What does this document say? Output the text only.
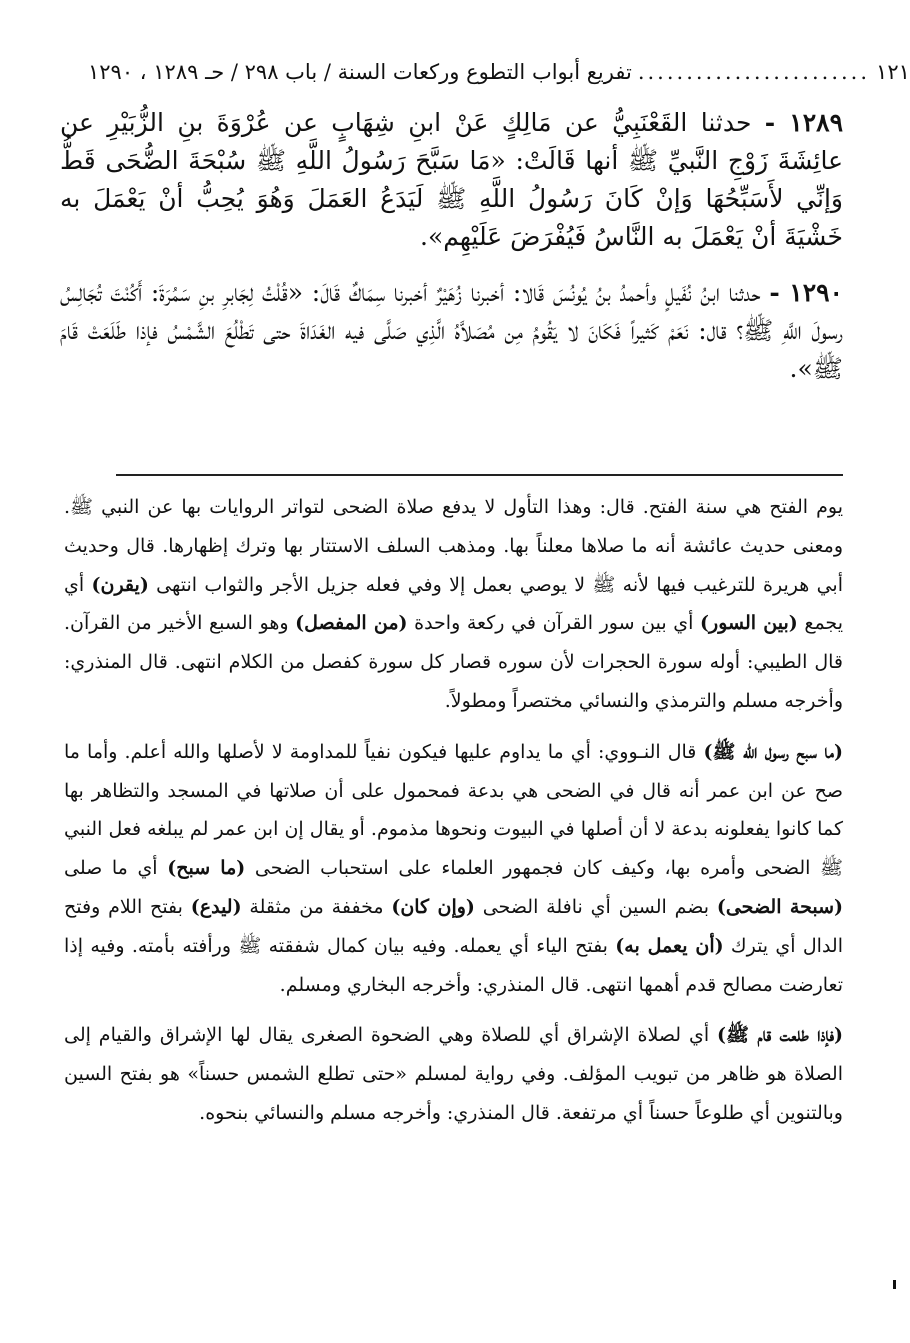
تفريع أبواب التطوع وركعات السنة / باب ٢٩٨ / حـ ١٢٨٩ ، ١٢٩٠ ........................ ١٢١

١٢٨٩ - حدثنا القَعْنَبِيُّ عن مَالِكٍ عَنْ ابنِ شِهَابٍ عن عُرْوَةَ بنِ الزُّبَيْرِ عن عائِشَةَ زَوْجِ النَّبيِّ ﷺ أنها قَالَتْ: «مَا سَبَّحَ رَسُولُ اللَّهِ ﷺ سُبْحَةَ الضُّحَى قَطُّ وَإنِّي لأَسَبِّحُهَا وَإنْ كَانَ رَسُولُ اللَّهِ ﷺ لَيَدَعُ العَمَلَ وَهُوَ يُحِبُّ أنْ يَعْمَلَ به خَشْيَةَ أنْ يَعْمَلَ به النَّاسُ فَيُفْرَضَ عَلَيْهِم».

١٢٩٠ - حدثنا ابنُ نُفَيلٍ وأحمدُ بنُ يُونُسَ قَالا: أخبرنا زُهَيْرٌ أخبرنا سِمَاكٌ قَالَ: «قُلْتُ لِجَابرِ بنِ سَمُرَةَ: أَكُنْتَ تُجَالِسُ رسولَ اللَّهِ ﷺ؟ قال: نَعَمْ كَثيراً فَكَانَ لا يَقُومُ مِن مُصَلاَّهُ الَّذِي صَلَّى فيه الغَدَاةَ حتى تَطْلُعَ الشَّمْسُ فإذا طَلَعَتْ قَامَ ﷺ».

يوم الفتح هي سنة الفتح. قال: وهذا التأول لا يدفع صلاة الضحى لتواتر الروايات بها عن النبي ﷺ. ومعنى حديث عائشة أنه ما صلاها معلناً بها. ومذهب السلف الاستتار بها وترك إظهارها. قال وحديث أبي هريرة للترغيب فيها لأنه ﷺ لا يوصي بعمل إلا وفي فعله جزيل الأجر والثواب انتهى (يقرن) أي يجمع (بين السور) أي بين سور القرآن في ركعة واحدة (من المفصل) وهو السبع الأخير من القرآن. قال الطيبي: أوله سورة الحجرات لأن سوره قصار كل سورة كفصل من الكلام انتهى. قال المنذري: وأخرجه مسلم والترمذي والنسائي مختصراً ومطولاً.

(ما سبح رسول الله ﷺ) قال النـووي: أي ما يداوم عليها فيكون نفياً للمداومة لا لأصلها والله أعلم. وأما ما صح عن ابن عمر أنه قال في الضحى هي بدعة فمحمول على أن صلاتها في المسجد والتظاهر بها كما كانوا يفعلونه بدعة لا أن أصلها في البيوت ونحوها مذموم. أو يقال إن ابن عمر لم يبلغه فعل النبي ﷺ الضحى وأمره بها، وكيف كان فجمهور العلماء على استحباب الضحى (ما سبح) أي ما صلى (سبحة الضحى) بضم السين أي نافلة الضحى (وإن كان) مخففة من مثقلة (ليدع) بفتح اللام وفتح الدال أي يترك (أن يعمل به) بفتح الياء أي يعمله. وفيه بيان كمال شفقته ﷺ ورأفته بأمته. وفيه إذا تعارضت مصالح قدم أهمها انتهى. قال المنذري: وأخرجه البخاري ومسلم.

(فإذا طلعت قام ﷺ) أي لصلاة الإشراق أي للصلاة وهي الضحوة الصغرى يقال لها الإشراق والقيام إلى الصلاة هو ظاهر من تبويب المؤلف. وفي رواية لمسلم «حتى تطلع الشمس حسناً» هو بفتح السين وبالتنوين أي طلوعاً حسناً أي مرتفعة. قال المنذري: وأخرجه مسلم والنسائي بنحوه.
